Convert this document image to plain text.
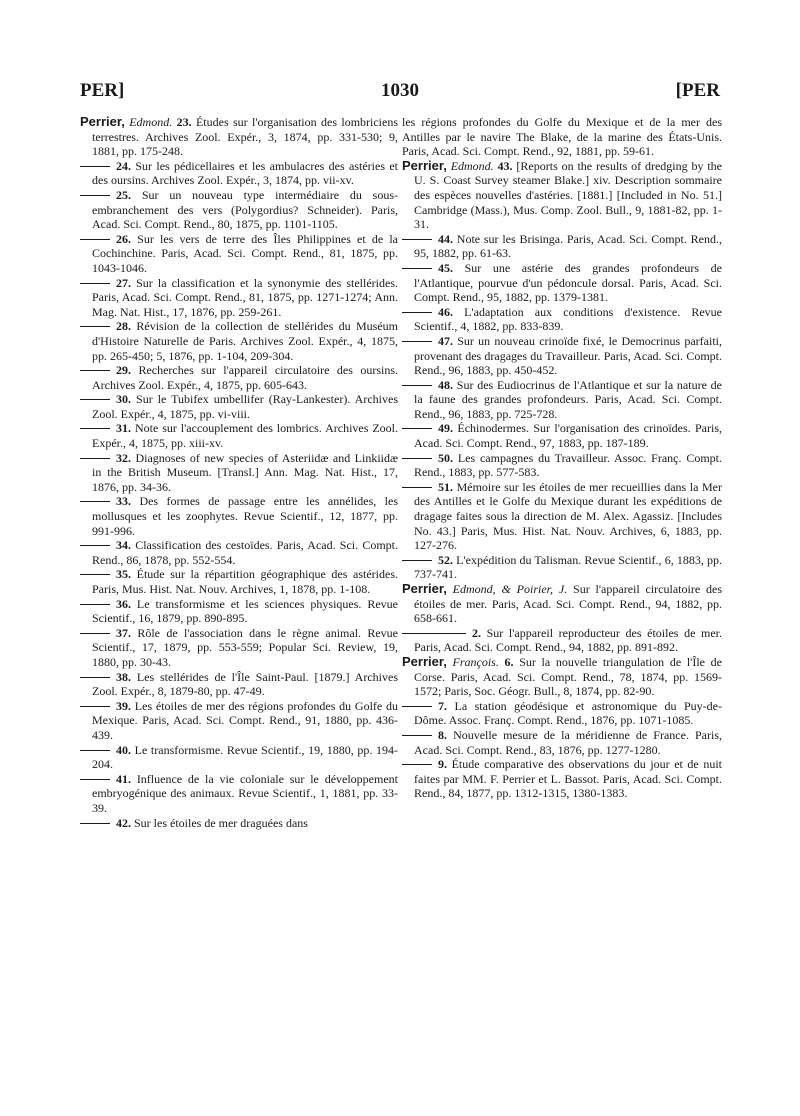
PER]	1030	[PER

Perrier, Edmond. 23. Études sur l'organisation des lombriciens terrestres. Archives Zool. Expér., 3, 1874, pp. 331-530; 9, 1881, pp. 175-248.

24. Sur les pédicellaires et les ambulacres des astéries et des oursins. Archives Zool. Expér., 3, 1874, pp. vii-xv.

25. Sur un nouveau type intermédiaire du sous-embranchement des vers (Polygordius? Schneider). Paris, Acad. Sci. Compt. Rend., 80, 1875, pp. 1101-1105.

26. Sur les vers de terre des Îles Philippines et de la Cochinchine. Paris, Acad. Sci. Compt. Rend., 81, 1875, pp. 1043-1046.

27. Sur la classification et la synonymie des stellérides. Paris, Acad. Sci. Compt. Rend., 81, 1875, pp. 1271-1274; Ann. Mag. Nat. Hist., 17, 1876, pp. 259-261.

28. Révision de la collection de stellérides du Muséum d'Histoire Naturelle de Paris. Archives Zool. Expér., 4, 1875, pp. 265-450; 5, 1876, pp. 1-104, 209-304.

29. Recherches sur l'appareil circulatoire des oursins. Archives Zool. Expér., 4, 1875, pp. 605-643.

30. Sur le Tubifex umbellifer (Ray-Lankester). Archives Zool. Expér., 4, 1875, pp. vi-viii.

31. Note sur l'accouplement des lombrics. Archives Zool. Expér., 4, 1875, pp. xiii-xv.

32. Diagnoses of new species of Asteriidæ and Linkiidæ in the British Museum. [Transl.] Ann. Mag. Nat. Hist., 17, 1876, pp. 34-36.

33. Des formes de passage entre les annélides, les mollusques et les zoophytes. Revue Scientif., 12, 1877, pp. 991-996.

34. Classification des cestoïdes. Paris, Acad. Sci. Compt. Rend., 86, 1878, pp. 552-554.

35. Étude sur la répartition géographique des astérides. Paris, Mus. Hist. Nat. Nouv. Archives, 1, 1878, pp. 1-108.

36. Le transformisme et les sciences physiques. Revue Scientif., 16, 1879, pp. 890-895.

37. Rôle de l'association dans le règne animal. Revue Scientif., 17, 1879, pp. 553-559; Popular Sci. Review, 19, 1880, pp. 30-43.

38. Les stellérides de l'Île Saint-Paul. [1879.] Archives Zool. Expér., 8, 1879-80, pp. 47-49.

39. Les étoiles de mer des régions profondes du Golfe du Mexique. Paris, Acad. Sci. Compt. Rend., 91, 1880, pp. 436-439.

40. Le transformisme. Revue Scientif., 19, 1880, pp. 194-204.

41. Influence de la vie coloniale sur le développement embryogénique des animaux. Revue Scientif., 1, 1881, pp. 33-39.

42. Sur les étoiles de mer draguées dans

les régions profondes du Golfe du Mexique et de la mer des Antilles par le navire The Blake, de la marine des États-Unis. Paris, Acad. Sci. Compt. Rend., 92, 1881, pp. 59-61.

Perrier, Edmond. 43. [Reports on the results of dredging by the U. S. Coast Survey steamer Blake.] xiv. Description sommaire des espèces nouvelles d'astéries. [1881.] [Included in No. 51.] Cambridge (Mass.), Mus. Comp. Zool. Bull., 9, 1881-82, pp. 1-31.

44. Note sur les Brisinga. Paris, Acad. Sci. Compt. Rend., 95, 1882, pp. 61-63.

45. Sur une astérie des grandes profondeurs de l'Atlantique, pourvue d'un pédoncule dorsal. Paris, Acad. Sci. Compt. Rend., 95, 1882, pp. 1379-1381.

46. L'adaptation aux conditions d'existence. Revue Scientif., 4, 1882, pp. 833-839.

47. Sur un nouveau crinoïde fixé, le Democrinus parfaiti, provenant des dragages du Travailleur. Paris, Acad. Sci. Compt. Rend., 96, 1883, pp. 450-452.

48. Sur des Eudiocrinus de l'Atlantique et sur la nature de la faune des grandes profondeurs. Paris, Acad. Sci. Compt. Rend., 96, 1883, pp. 725-728.

49. Échinodermes. Sur l'organisation des crinoïdes. Paris, Acad. Sci. Compt. Rend., 97, 1883, pp. 187-189.

50. Les campagnes du Travailleur. Assoc. Franç. Compt. Rend., 1883, pp. 577-583.

51. Mémoire sur les étoiles de mer recueillies dans la Mer des Antilles et le Golfe du Mexique durant les expéditions de dragage faites sous la direction de M. Alex. Agassiz. [Includes No. 43.] Paris, Mus. Hist. Nat. Nouv. Archives, 6, 1883, pp. 127-276.

52. L'expédition du Talisman. Revue Scientif., 6, 1883, pp. 737-741.

Perrier, Edmond, & Poirier, J. Sur l'appareil circulatoire des étoiles de mer. Paris, Acad. Sci. Compt. Rend., 94, 1882, pp. 658-661.

2. Sur l'appareil reproducteur des étoiles de mer. Paris, Acad. Sci. Compt. Rend., 94, 1882, pp. 891-892.

Perrier, François. 6. Sur la nouvelle triangulation de l'Île de Corse. Paris, Acad. Sci. Compt. Rend., 78, 1874, pp. 1569-1572; Paris, Soc. Géogr. Bull., 8, 1874, pp. 82-90.

7. La station géodésique et astronomique du Puy-de-Dôme. Assoc. Franç. Compt. Rend., 1876, pp. 1071-1085.

8. Nouvelle mesure de la méridienne de France. Paris, Acad. Sci. Compt. Rend., 83, 1876, pp. 1277-1280.

9. Étude comparative des observations du jour et de nuit faites par MM. F. Perrier et L. Bassot. Paris, Acad. Sci. Compt. Rend., 84, 1877, pp. 1312-1315, 1380-1383.
